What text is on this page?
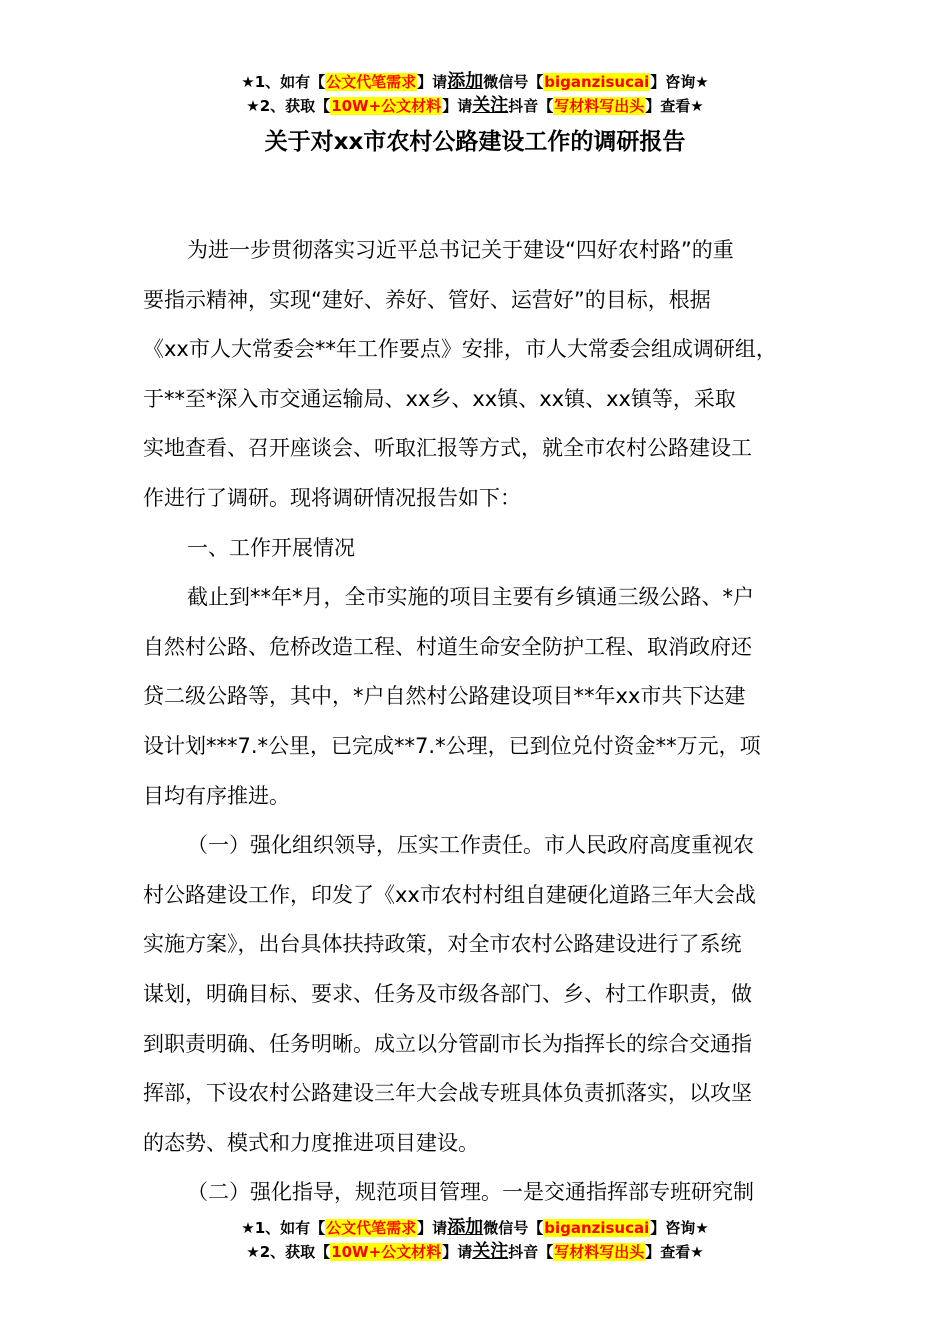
★1、如有【公文代笔需求】请添加微信号【biganzisucai】咨询★
★2、获取【10W+公文材料】请关注抖音【写材料写出头】查看★
关于对xx市农村公路建设工作的调研报告
为进一步贯彻落实习近平总书记关于建设“四好农村路”的重
要指示精神，实现“建好、养好、管好、运营好”的目标，根据
《xx市人大常委会**年工作要点》安排，市人大常委会组成调研组，
于**至*深入市交通运输局、xx乡、xx镇、xx镇、xx镇等，采取
实地查看、召开座谈会、听取汇报等方式，就全市农村公路建设工
作进行了调研。现将调研情况报告如下：
一、工作开展情况
截止到**年*月，全市实施的项目主要有乡镇通三级公路、*户
自然村公路、危桥改造工程、村道生命安全防护工程、取消政府还
贷二级公路等，其中，*户自然村公路建设项目**年xx市共下达建
设计划***7.*公里，已完成**7.*公理，已到位兑付资金**万元，项
目均有序推进。
（一）强化组织领导，压实工作责任。市人民政府高度重视农
村公路建设工作，印发了《xx市农村村组自建硬化道路三年大会战
实施方案》，出台具体扶持政策，对全市农村公路建设进行了系统
谋划，明确目标、要求、任务及市级各部门、乡、村工作职责，做
到职责明确、任务明晰。成立以分管副市长为指挥长的综合交通指
挥部，下设农村公路建设三年大会战专班具体负责抓落实，以攻坚
的态势、模式和力度推进项目建设。
（二）强化指导，规范项目管理。一是交通指挥部专班研究制
★1、如有【公文代笔需求】请添加微信号【biganzisucai】咨询★
★2、获取【10W+公文材料】请关注抖音【写材料写出头】查看★
